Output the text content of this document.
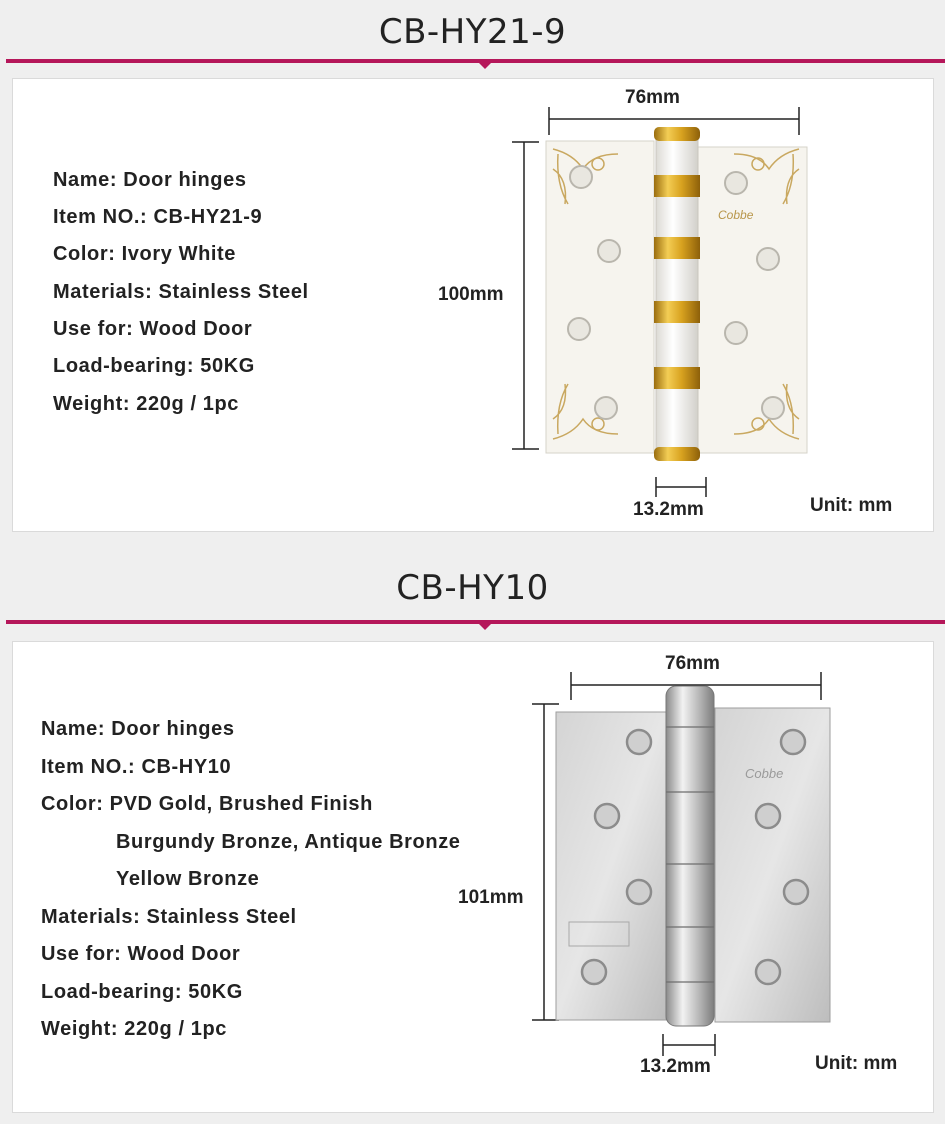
CB-HY21-9
Name: Door hinges
Item NO.: CB-HY21-9
Color: Ivory White
Materials: Stainless Steel
Use for: Wood Door
Load-bearing: 50KG
Weight: 220g / 1pc
76mm
100mm
13.2mm	Unit: mm
Cobbe
CB-HY10
Name: Door hinges
Item NO.: CB-HY10
Color: PVD Gold, Brushed Finish
Burgundy Bronze, Antique Bronze
Yellow Bronze
Materials: Stainless Steel
Use for: Wood Door
Load-bearing: 50KG
Weight: 220g / 1pc
76mm
101mm
13.2mm	Unit: mm
Cobbe
